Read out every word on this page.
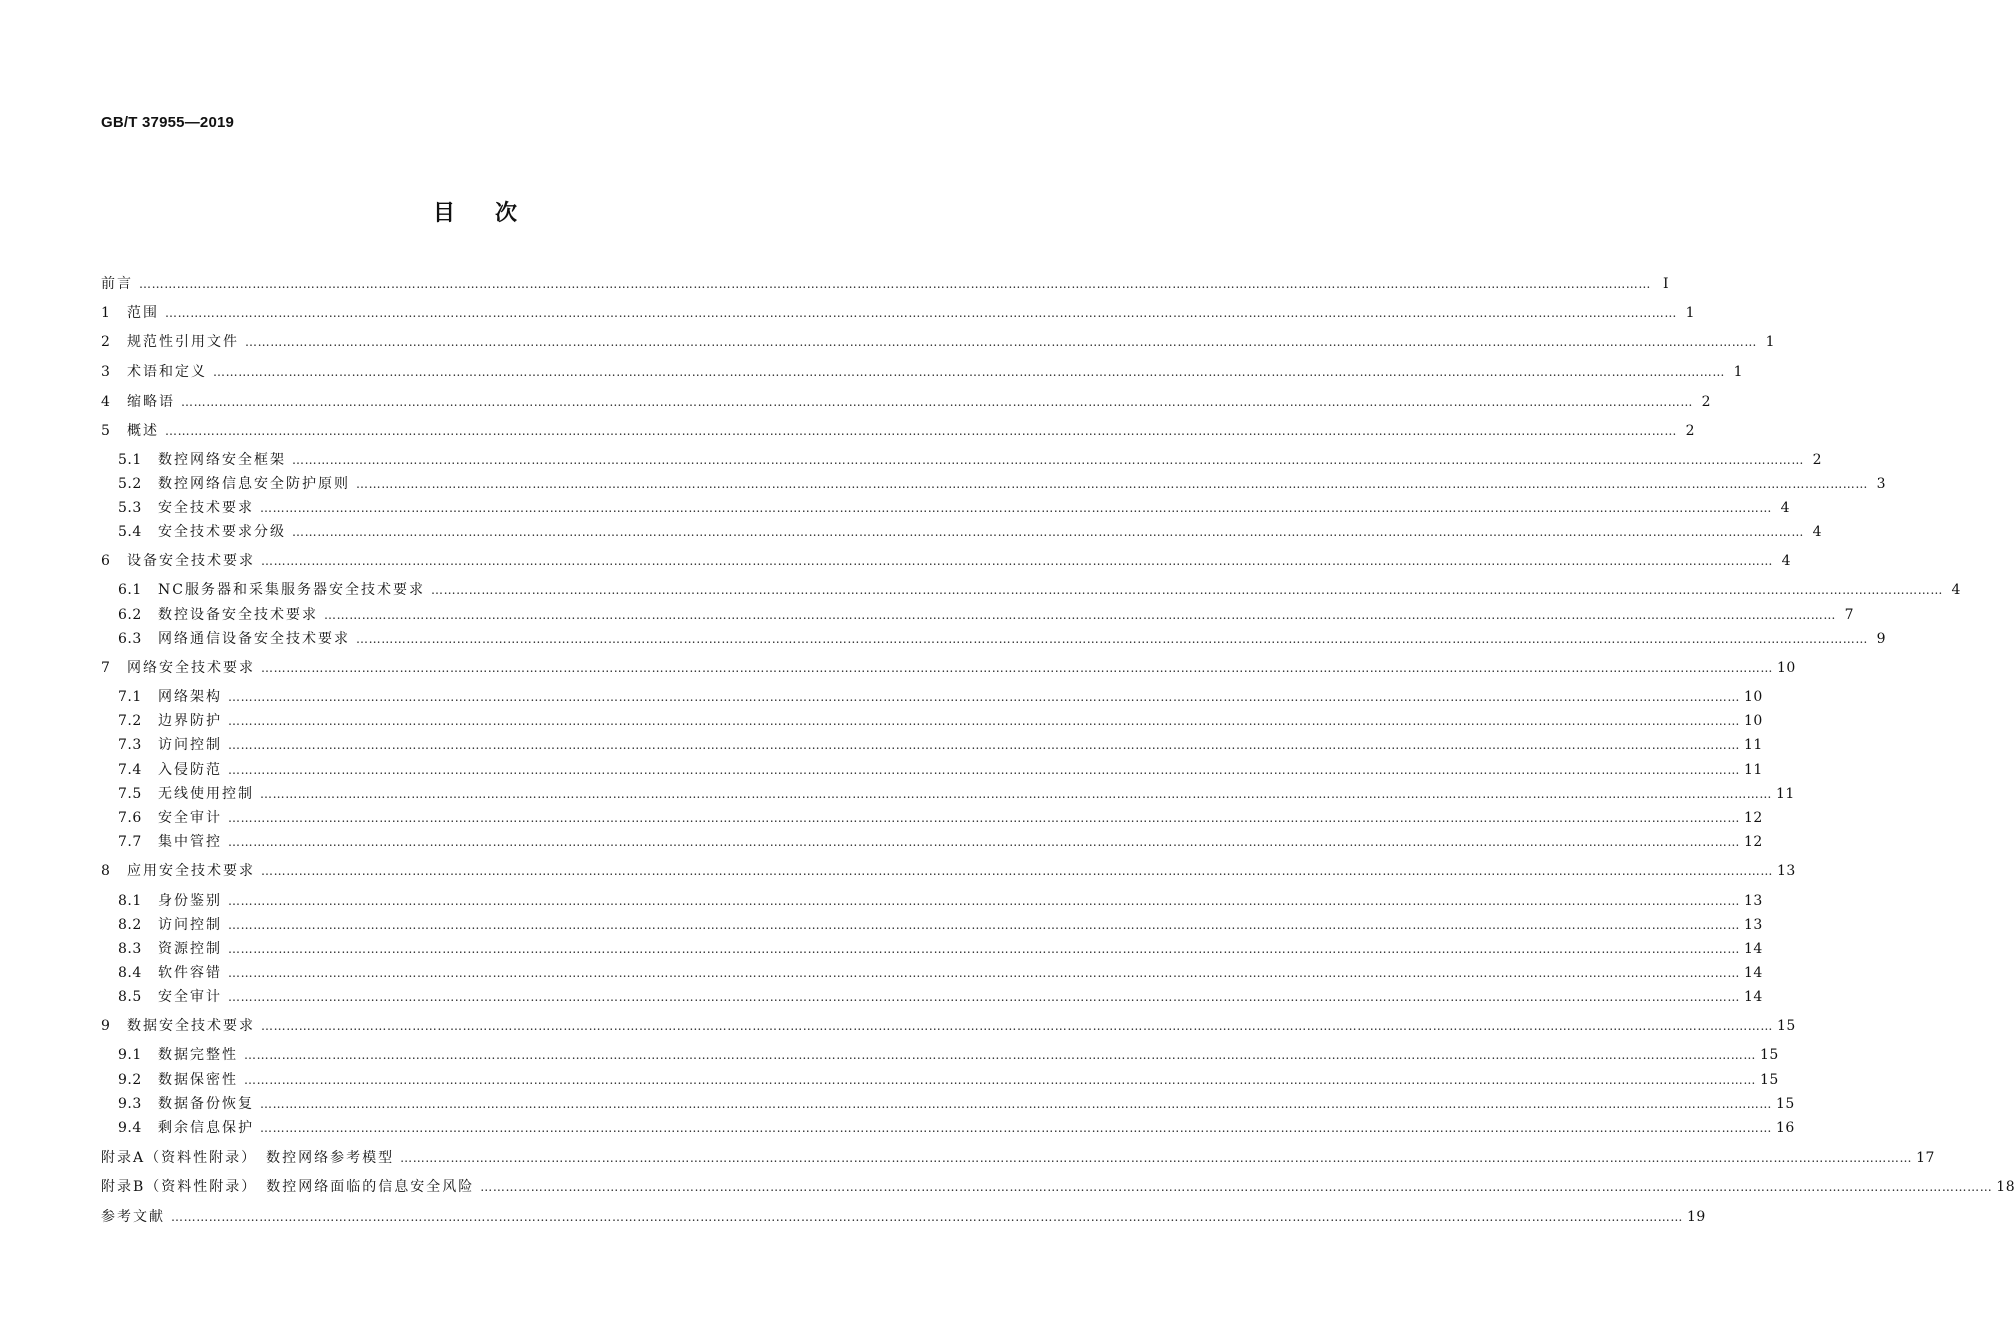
GB/T 37955—2019
目次
前言 ……………………………………………………………………………………………………………………………………………………………………………………………………………………………………………………………………………………………………………………………… Ⅰ
1	范围 ……………………………………………………………………………………………………………………………………………………………………………………………………………………………………………………………………………………………………………………………… 1
2	规范性引用文件 ……………………………………………………………………………………………………………………………………………………………………………………………………………………………………………………………………………………………………………………………… 1
3	术语和定义 ……………………………………………………………………………………………………………………………………………………………………………………………………………………………………………………………………………………………………………………………… 1
4	缩略语 ……………………………………………………………………………………………………………………………………………………………………………………………………………………………………………………………………………………………………………………………… 2
5	概述 ……………………………………………………………………………………………………………………………………………………………………………………………………………………………………………………………………………………………………………………………… 2
5.1	数控网络安全框架 ……………………………………………………………………………………………………………………………………………………………………………………………………………………………………………………………………………………………………………………………… 2
5.2	数控网络信息安全防护原则 ……………………………………………………………………………………………………………………………………………………………………………………………………………………………………………………………………………………………………………………………… 3
5.3	安全技术要求 ……………………………………………………………………………………………………………………………………………………………………………………………………………………………………………………………………………………………………………………………… 4
5.4	安全技术要求分级 ……………………………………………………………………………………………………………………………………………………………………………………………………………………………………………………………………………………………………………………………… 4
6	设备安全技术要求 ……………………………………………………………………………………………………………………………………………………………………………………………………………………………………………………………………………………………………………………………… 4
6.1	NC服务器和采集服务器安全技术要求 ……………………………………………………………………………………………………………………………………………………………………………………………………………………………………………………………………………………………………………………………… 4
6.2	数控设备安全技术要求 ……………………………………………………………………………………………………………………………………………………………………………………………………………………………………………………………………………………………………………………………… 7
6.3	网络通信设备安全技术要求 ……………………………………………………………………………………………………………………………………………………………………………………………………………………………………………………………………………………………………………………………… 9
7	网络安全技术要求 ……………………………………………………………………………………………………………………………………………………………………………………………………………………………………………………………………………………………………………………………… 10
7.1	网络架构 ……………………………………………………………………………………………………………………………………………………………………………………………………………………………………………………………………………………………………………………………… 10
7.2	边界防护 ……………………………………………………………………………………………………………………………………………………………………………………………………………………………………………………………………………………………………………………………… 10
7.3	访问控制 ……………………………………………………………………………………………………………………………………………………………………………………………………………………………………………………………………………………………………………………………… 11
7.4	入侵防范 ……………………………………………………………………………………………………………………………………………………………………………………………………………………………………………………………………………………………………………………………… 11
7.5	无线使用控制 ……………………………………………………………………………………………………………………………………………………………………………………………………………………………………………………………………………………………………………………………… 11
7.6	安全审计 ……………………………………………………………………………………………………………………………………………………………………………………………………………………………………………………………………………………………………………………………… 12
7.7	集中管控 ……………………………………………………………………………………………………………………………………………………………………………………………………………………………………………………………………………………………………………………………… 12
8	应用安全技术要求 ……………………………………………………………………………………………………………………………………………………………………………………………………………………………………………………………………………………………………………………………… 13
8.1	身份鉴别 ……………………………………………………………………………………………………………………………………………………………………………………………………………………………………………………………………………………………………………………………… 13
8.2	访问控制 ……………………………………………………………………………………………………………………………………………………………………………………………………………………………………………………………………………………………………………………………… 13
8.3	资源控制 ……………………………………………………………………………………………………………………………………………………………………………………………………………………………………………………………………………………………………………………………… 14
8.4	软件容错 ……………………………………………………………………………………………………………………………………………………………………………………………………………………………………………………………………………………………………………………………… 14
8.5	安全审计 ……………………………………………………………………………………………………………………………………………………………………………………………………………………………………………………………………………………………………………………………… 14
9	数据安全技术要求 ……………………………………………………………………………………………………………………………………………………………………………………………………………………………………………………………………………………………………………………………… 15
9.1	数据完整性 ……………………………………………………………………………………………………………………………………………………………………………………………………………………………………………………………………………………………………………………………… 15
9.2	数据保密性 ……………………………………………………………………………………………………………………………………………………………………………………………………………………………………………………………………………………………………………………………… 15
9.3	数据备份恢复 ……………………………………………………………………………………………………………………………………………………………………………………………………………………………………………………………………………………………………………………………… 15
9.4	剩余信息保护 ……………………………………………………………………………………………………………………………………………………………………………………………………………………………………………………………………………………………………………………………… 16
附录A（资料性附录）　数控网络参考模型 ……………………………………………………………………………………………………………………………………………………………………………………………………………………………………………………………………………………………………………………………… 17
附录B（资料性附录）　数控网络面临的信息安全风险 ……………………………………………………………………………………………………………………………………………………………………………………………………………………………………………………………………………………………………………………………… 18
参考文献 ……………………………………………………………………………………………………………………………………………………………………………………………………………………………………………………………………………………………………………………………… 19
